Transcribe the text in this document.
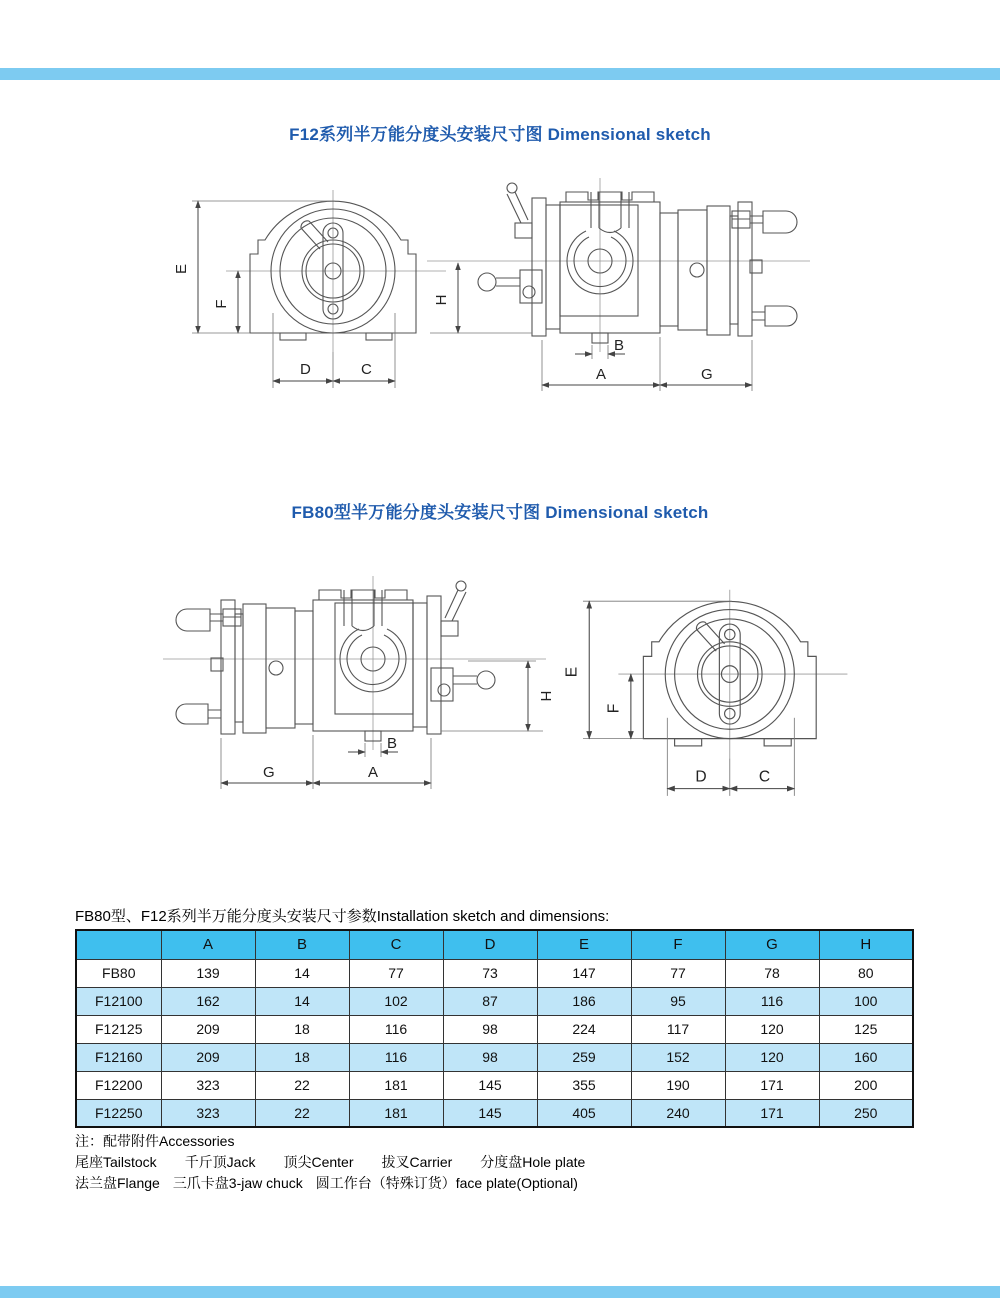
F12系列半万能分度头安装尺寸图 Dimensional sketch
E
F
D	C
H
B
A	G
FB80型半万能分度头安装尺寸图 Dimensional sketch
H
B
G	A
E
F
D	C
FB80型、F12系列半万能分度头安装尺寸参数Installation sketch and dimensions:
	A	B	C	D	E	F	G	H
FB80	139	14	77	73	147	77	78	80
F12100	162	14	102	87	186	95	116	100
F12125	209	18	116	98	224	117	120	125
F12160	209	18	116	98	259	152	120	160
F12200	323	22	181	145	355	190	171	200
F12250	323	22	181	145	405	240	171	250
注：配带附件Accessories
尾座Tailstock 千斤顶Jack 顶尖Center 拔叉Carrier 分度盘Hole plate
法兰盘Flange 三爪卡盘3-jaw chuck 圆工作台（特殊订货）face plate(Optional)
